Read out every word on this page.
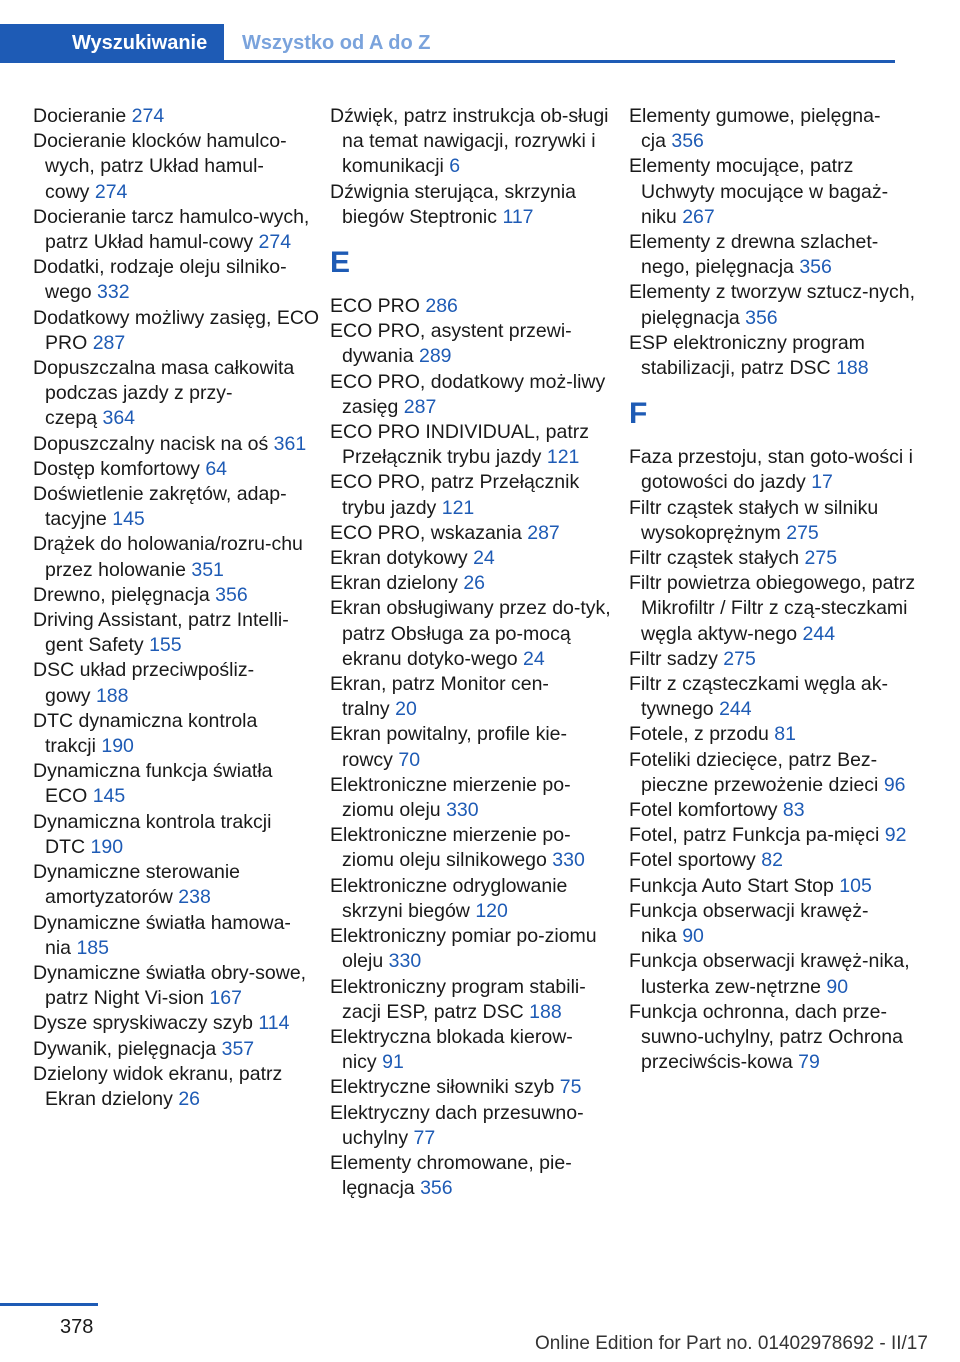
Wyszukiwanie	Wszystko od A do Z

Docieranie 274

Docieranie klocków hamulco-wych, patrz Układ hamul-cowy 274

Docieranie tarcz hamulco-wych, patrz Układ hamul-cowy 274

Dodatki, rodzaje oleju silniko-wego 332

Dodatkowy możliwy zasięg, ECO PRO 287

Dopuszczalna masa całkowita podczas jazdy z przy-czepą 364

Dopuszczalny nacisk na oś 361

Dostęp komfortowy 64

Doświetlenie zakrętów, adap-tacyjne 145

Drążek do holowania/rozru-chu przez holowanie 351

Drewno, pielęgnacja 356

Driving Assistant, patrz Intelli-gent Safety 155

DSC układ przeciwpośliz-gowy 188

DTC dynamiczna kontrola trakcji 190

Dynamiczna funkcja światła ECO 145

Dynamiczna kontrola trakcji DTC 190

Dynamiczne sterowanie amortyzatorów 238

Dynamiczne światła hamowa-nia 185

Dynamiczne światła obry-sowe, patrz Night Vi-sion 167

Dysze spryskiwaczy szyb 114

Dywanik, pielęgnacja 357

Dzielony widok ekranu, patrz Ekran dzielony 26

Dźwięk, patrz instrukcja ob-sługi na temat nawigacji, rozrywki i komunikacji 6

Dźwignia sterująca, skrzynia biegów Steptronic 117

E

ECO PRO 286

ECO PRO, asystent przewi-dywania 289

ECO PRO, dodatkowy moż-liwy zasięg 287

ECO PRO INDIVIDUAL, patrz Przełącznik trybu jazdy 121

ECO PRO, patrz Przełącznik trybu jazdy 121

ECO PRO, wskazania 287

Ekran dotykowy 24

Ekran dzielony 26

Ekran obsługiwany przez do-tyk, patrz Obsługa za po-mocą ekranu dotyko-wego 24

Ekran, patrz Monitor cen-tralny 20

Ekran powitalny, profile kie-rowcy 70

Elektroniczne mierzenie po-ziomu oleju 330

Elektroniczne mierzenie po-ziomu oleju silnikowego 330

Elektroniczne odryglowanie skrzyni biegów 120

Elektroniczny pomiar po-ziomu oleju 330

Elektroniczny program stabili-zacji ESP, patrz DSC 188

Elektryczna blokada kierow-nicy 91

Elektryczne siłowniki szyb 75

Elektryczny dach przesuwno-uchylny 77

Elementy chromowane, pie-lęgnacja 356

Elementy gumowe, pielęgna-cja 356

Elementy mocujące, patrz Uchwyty mocujące w bagaż-niku 267

Elementy z drewna szlachet-nego, pielęgnacja 356

Elementy z tworzyw sztucz-nych, pielęgnacja 356

ESP elektroniczny program stabilizacji, patrz DSC 188

F

Faza przestoju, stan goto-wości i gotowości do jazdy 17

Filtr cząstek stałych w silniku wysokoprężnym 275

Filtr cząstek stałych 275

Filtr powietrza obiegowego, patrz Mikrofiltr / Filtr z czą-steczkami węgla aktyw-nego 244

Filtr sadzy 275

Filtr z cząsteczkami węgla ak-tywnego 244

Fotele, z przodu 81

Foteliki dziecięce, patrz Bez-pieczne przewożenie dzieci 96

Fotel komfortowy 83

Fotel, patrz Funkcja pa-mięci 92

Fotel sportowy 82

Funkcja Auto Start Stop 105

Funkcja obserwacji krawęż-nika 90

Funkcja obserwacji krawęż-nika, lusterka zew-nętrzne 90

Funkcja ochronna, dach prze-suwno-uchylny, patrz Ochrona przeciwścis-kowa 79

378
Online Edition for Part no. 01402978692 - II/17
